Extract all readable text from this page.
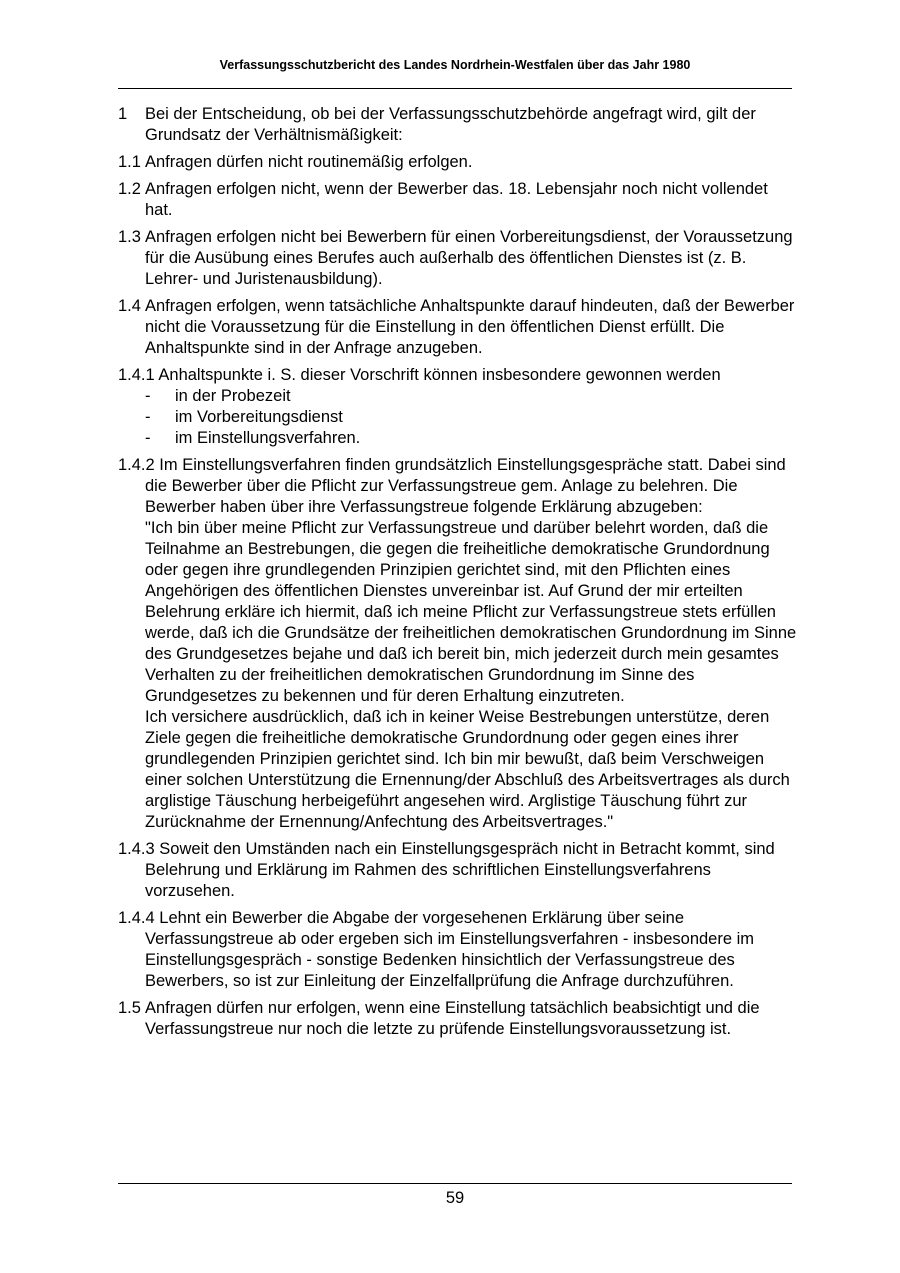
Verfassungsschutzbericht des Landes Nordrhein-Westfalen über das Jahr 1980
1 Bei der Entscheidung, ob bei der Verfassungsschutzbehörde angefragt wird, gilt der Grundsatz der Verhältnismäßigkeit:

1.1 Anfragen dürfen nicht routinemäßig erfolgen.

1.2 Anfragen erfolgen nicht, wenn der Bewerber das. 18. Lebensjahr noch nicht vollendet hat.

1.3 Anfragen erfolgen nicht bei Bewerbern für einen Vorbereitungsdienst, der Voraussetzung für die Ausübung eines Berufes auch außerhalb des öffentlichen Dienstes ist (z. B. Lehrer- und Juristenausbildung).

1.4 Anfragen erfolgen, wenn tatsächliche Anhaltspunkte darauf hindeuten, daß der Bewerber nicht die Voraussetzung für die Einstellung in den öffentlichen Dienst erfüllt. Die Anhaltspunkte sind in der Anfrage anzugeben.

1.4.1 Anhaltspunkte i. S. dieser Vorschrift können insbesondere gewonnen werden

-	in der Probezeit
-	im Vorbereitungsdienst
-	im Einstellungsverfahren.

1.4.2 Im Einstellungsverfahren finden grundsätzlich Einstellungsgespräche statt. Dabei sind die Bewerber über die Pflicht zur Verfassungstreue gem. Anlage zu belehren. Die Bewerber haben über ihre Verfassungstreue folgende Erklärung abzugeben:

"Ich bin über meine Pflicht zur Verfassungstreue und darüber belehrt worden, daß die Teilnahme an Bestrebungen, die gegen die freiheitliche demokratische Grundordnung oder gegen ihre grundlegenden Prinzipien gerichtet sind, mit den Pflichten eines Angehörigen des öffentlichen Dienstes unvereinbar ist. Auf Grund der mir erteilten Belehrung erkläre ich hiermit, daß ich meine Pflicht zur Verfassungstreue stets erfüllen werde, daß ich die Grundsätze der freiheitlichen demokratischen Grundordnung im Sinne des Grundgesetzes bejahe und daß ich bereit bin, mich jederzeit durch mein gesamtes Verhalten zu der freiheitlichen demokratischen Grundordnung im Sinne des Grundgesetzes zu bekennen und für deren Erhaltung einzutreten.

Ich versichere ausdrücklich, daß ich in keiner Weise Bestrebungen unterstütze, deren Ziele gegen die freiheitliche demokratische Grundordnung oder gegen eines ihrer grundlegenden Prinzipien gerichtet sind. Ich bin mir bewußt, daß beim Verschweigen einer solchen Unterstützung die Ernennung/der Abschluß des Arbeitsvertrages als durch arglistige Täuschung herbeigeführt angesehen wird. Arglistige Täuschung führt zur Zurücknahme der Ernennung/Anfechtung des Arbeitsvertrages."

1.4.3 Soweit den Umständen nach ein Einstellungsgespräch nicht in Betracht kommt, sind Belehrung und Erklärung im Rahmen des schriftlichen Einstellungsverfahrens vorzusehen.

1.4.4 Lehnt ein Bewerber die Abgabe der vorgesehenen Erklärung über seine Verfassungstreue ab oder ergeben sich im Einstellungsverfahren - insbesondere im Einstellungsgespräch - sonstige Bedenken hinsichtlich der Verfassungstreue des Bewerbers, so ist zur Einleitung der Einzelfallprüfung die Anfrage durchzuführen.

1.5 Anfragen dürfen nur erfolgen, wenn eine Einstellung tatsächlich beabsichtigt und die Verfassungstreue nur noch die letzte zu prüfende Einstellungsvoraussetzung ist.

59
